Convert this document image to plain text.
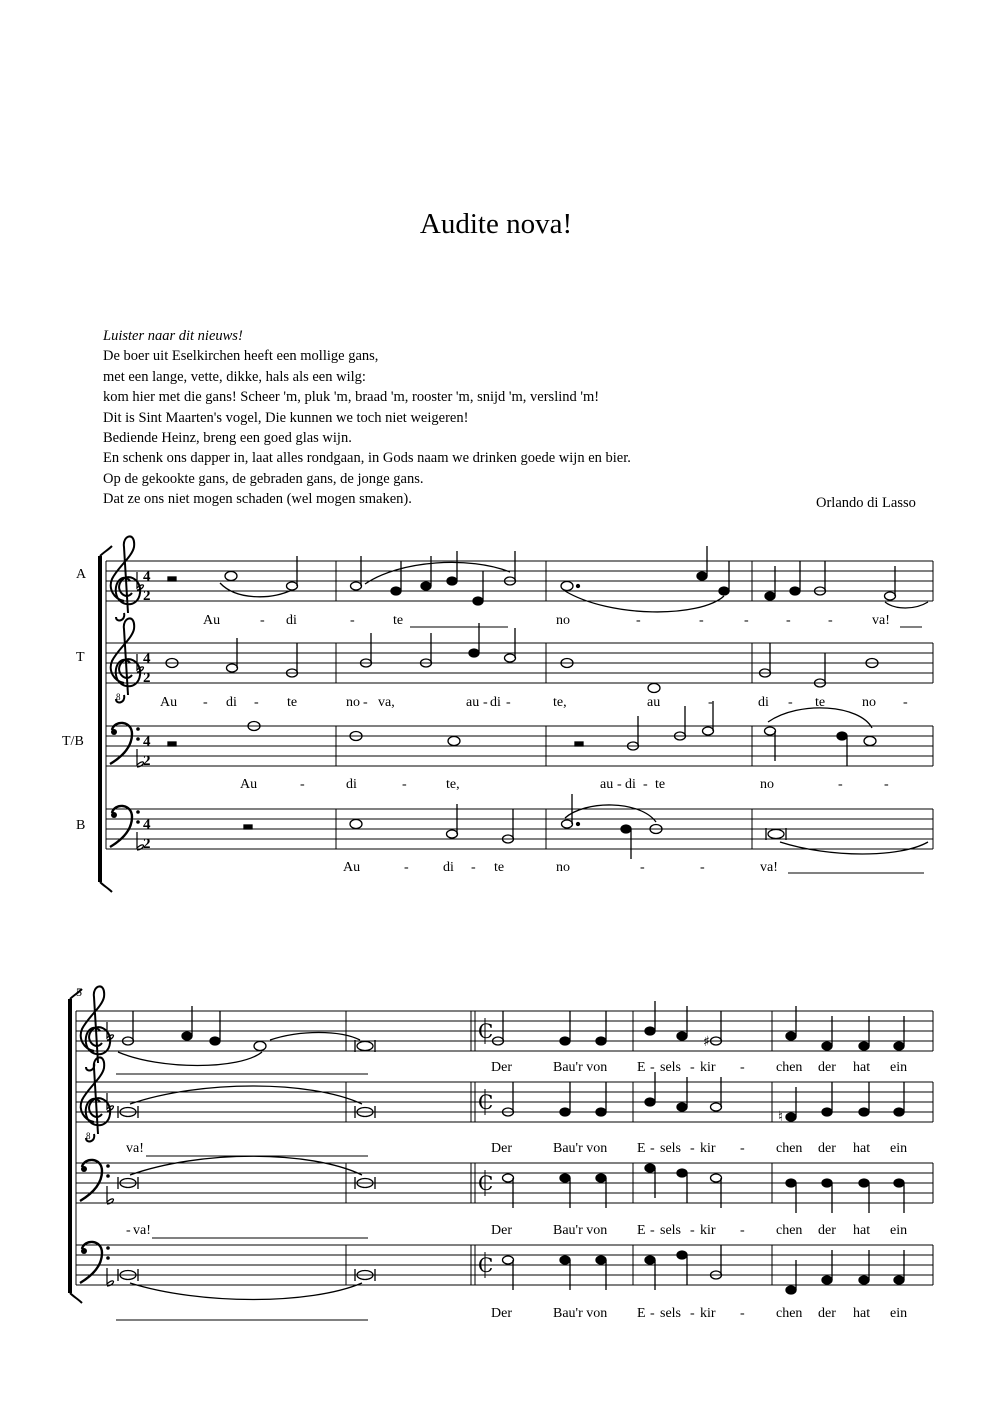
Audite nova!
Luister naar dit nieuws!
De boer uit Eselkirchen heeft een mollige gans,
met een lange, vette, dikke, hals als een wilg:
kom hier met die gans! Scheer 'm, pluk 'm, braad 'm, rooster 'm, snijd 'm, verslind 'm!
Dit is Sint Maarten's vogel, Die kunnen we toch niet weigeren!
Bediende Heinz, breng een goed glas wijn.
En schenk ons dapper in, laat alles rondgaan, in Gods naam we drinken goede wijn en bier.
Op de gekookte gans, de gebraden gans, de jonge gans.
Dat ze ons niet mogen schaden (wel mogen smaken).	Orlando di Lasso
A
T
T/B
B
5
8
4
2
4
2
4
2
4
2
8
C
C
C
C
♯
♮
Au	- di	-	te	no	-	-	-	-	-	va!
Au - di - te	no - va,	au - di -	te,	au	-	di - te	no -
Au	-	di	-	te,	au - di - te	no	-	-
Au	- di - te	no	-	-	va!
Der	Bau'r von E - sels - kir - chen der hat ein
va!	Der	Bau'r von E - sels - kir - chen der hat ein
- va!	Der	Bau'r von E - sels - kir - chen der hat ein
Der	Bau'r von E - sels - kir - chen der hat ein
